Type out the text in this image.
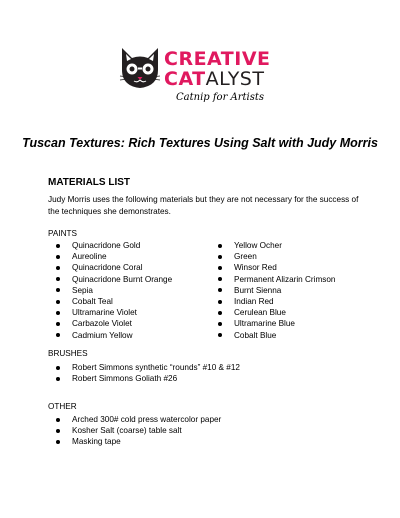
CREATIVE
CATALYST
Catnip for Artists
Tuscan Textures: Rich Textures Using Salt with Judy Morris
MATERIALS LIST
Judy Morris uses the following materials but they are not necessary for the success of the techniques she demonstrates.
PAINTS
Quinacridone Gold
Aureoline
Quinacridone Coral
Quinacridone Burnt Orange
Sepia
Cobalt Teal
Ultramarine Violet
Carbazole Violet
Cadmium Yellow
Yellow Ocher
Green
Winsor Red
Permanent Alizarin Crimson
Burnt Sienna
Indian Red
Cerulean Blue
Ultramarine Blue
Cobalt Blue
BRUSHES
Robert Simmons synthetic “rounds” #10 & #12
Robert Simmons Goliath #26
OTHER
Arched 300# cold press watercolor paper
Kosher Salt (coarse) table salt
Masking tape
